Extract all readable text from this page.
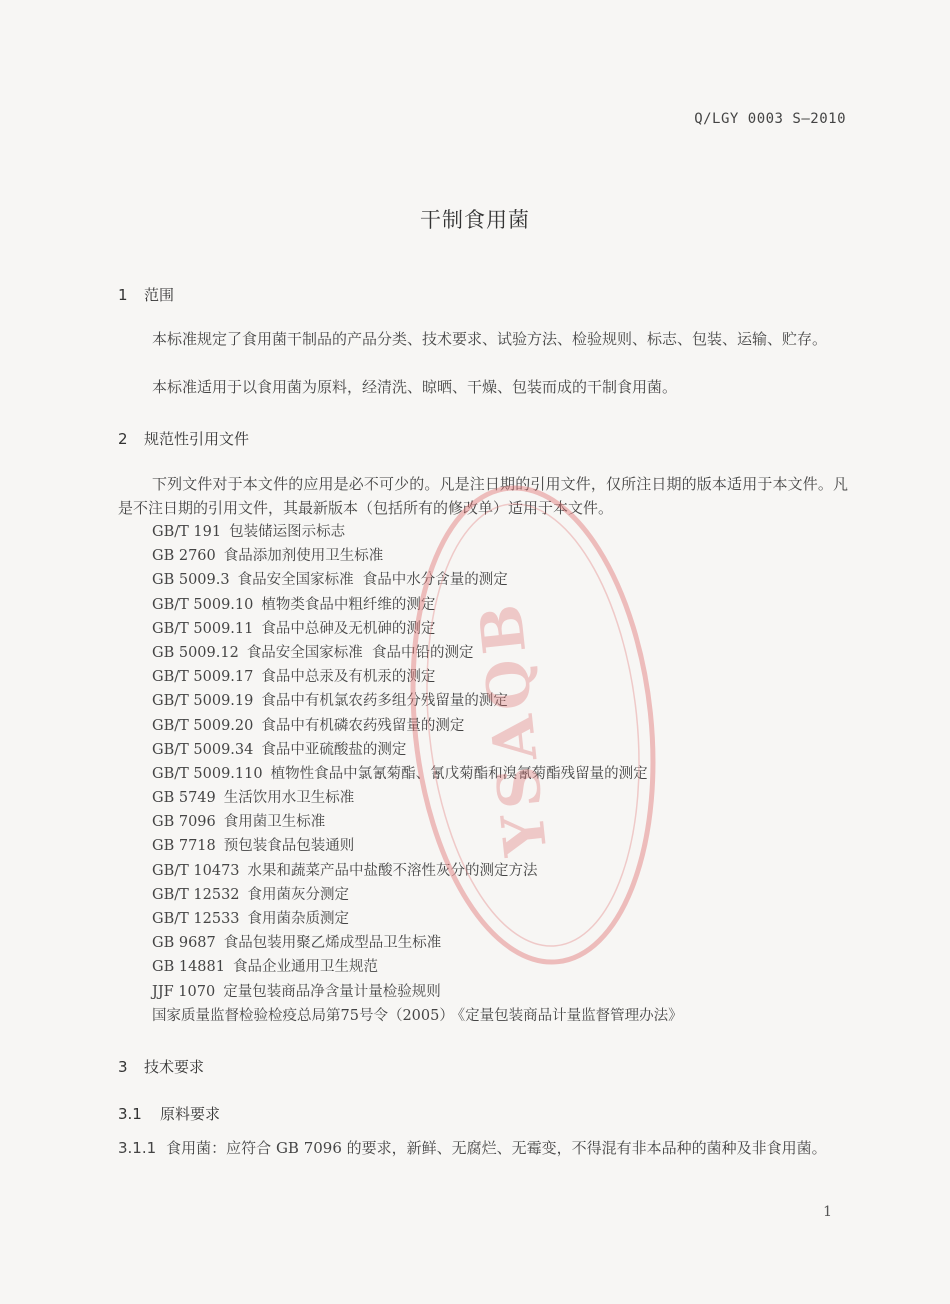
Q/LGY 0003 S—2010
干制食用菌
1 范围
本标准规定了食用菌干制品的产品分类、技术要求、试验方法、检验规则、标志、包装、运输、贮存。
本标准适用于以食用菌为原料，经清洗、晾晒、干燥、包装而成的干制食用菌。
2 规范性引用文件
下列文件对于本文件的应用是必不可少的。凡是注日期的引用文件，仅所注日期的版本适用于本文件。凡是不注日期的引用文件，其最新版本（包括所有的修改单）适用于本文件。
GB/T 191 包装储运图示标志
GB 2760 食品添加剂使用卫生标准
GB 5009.3 食品安全国家标准  食品中水分含量的测定
GB/T 5009.10 植物类食品中粗纤维的测定
GB/T 5009.11 食品中总砷及无机砷的测定
GB 5009.12 食品安全国家标准  食品中铅的测定
GB/T 5009.17 食品中总汞及有机汞的测定
GB/T 5009.19 食品中有机氯农药多组分残留量的测定
GB/T 5009.20 食品中有机磷农药残留量的测定
GB/T 5009.34 食品中亚硫酸盐的测定
GB/T 5009.110 植物性食品中氯氰菊酯、氰戊菊酯和溴氰菊酯残留量的测定
GB 5749 生活饮用水卫生标准
GB 7096 食用菌卫生标准
GB 7718 预包装食品包装通则
GB/T 10473 水果和蔬菜产品中盐酸不溶性灰分的测定方法
GB/T 12532 食用菌灰分测定
GB/T 12533 食用菌杂质测定
GB 9687 食品包装用聚乙烯成型品卫生标准
GB 14881 食品企业通用卫生规范
JJF 1070 定量包装商品净含量计量检验规则
国家质量监督检验检疫总局第75号令（2005） 《定量包装商品计量监督管理办法》
3 技术要求
3.1 原料要求
3.1.1 食用菌：应符合 GB 7096 的要求，新鲜、无腐烂、无霉变，不得混有非本品种的菌种及非食用菌。
1
YSAQB
